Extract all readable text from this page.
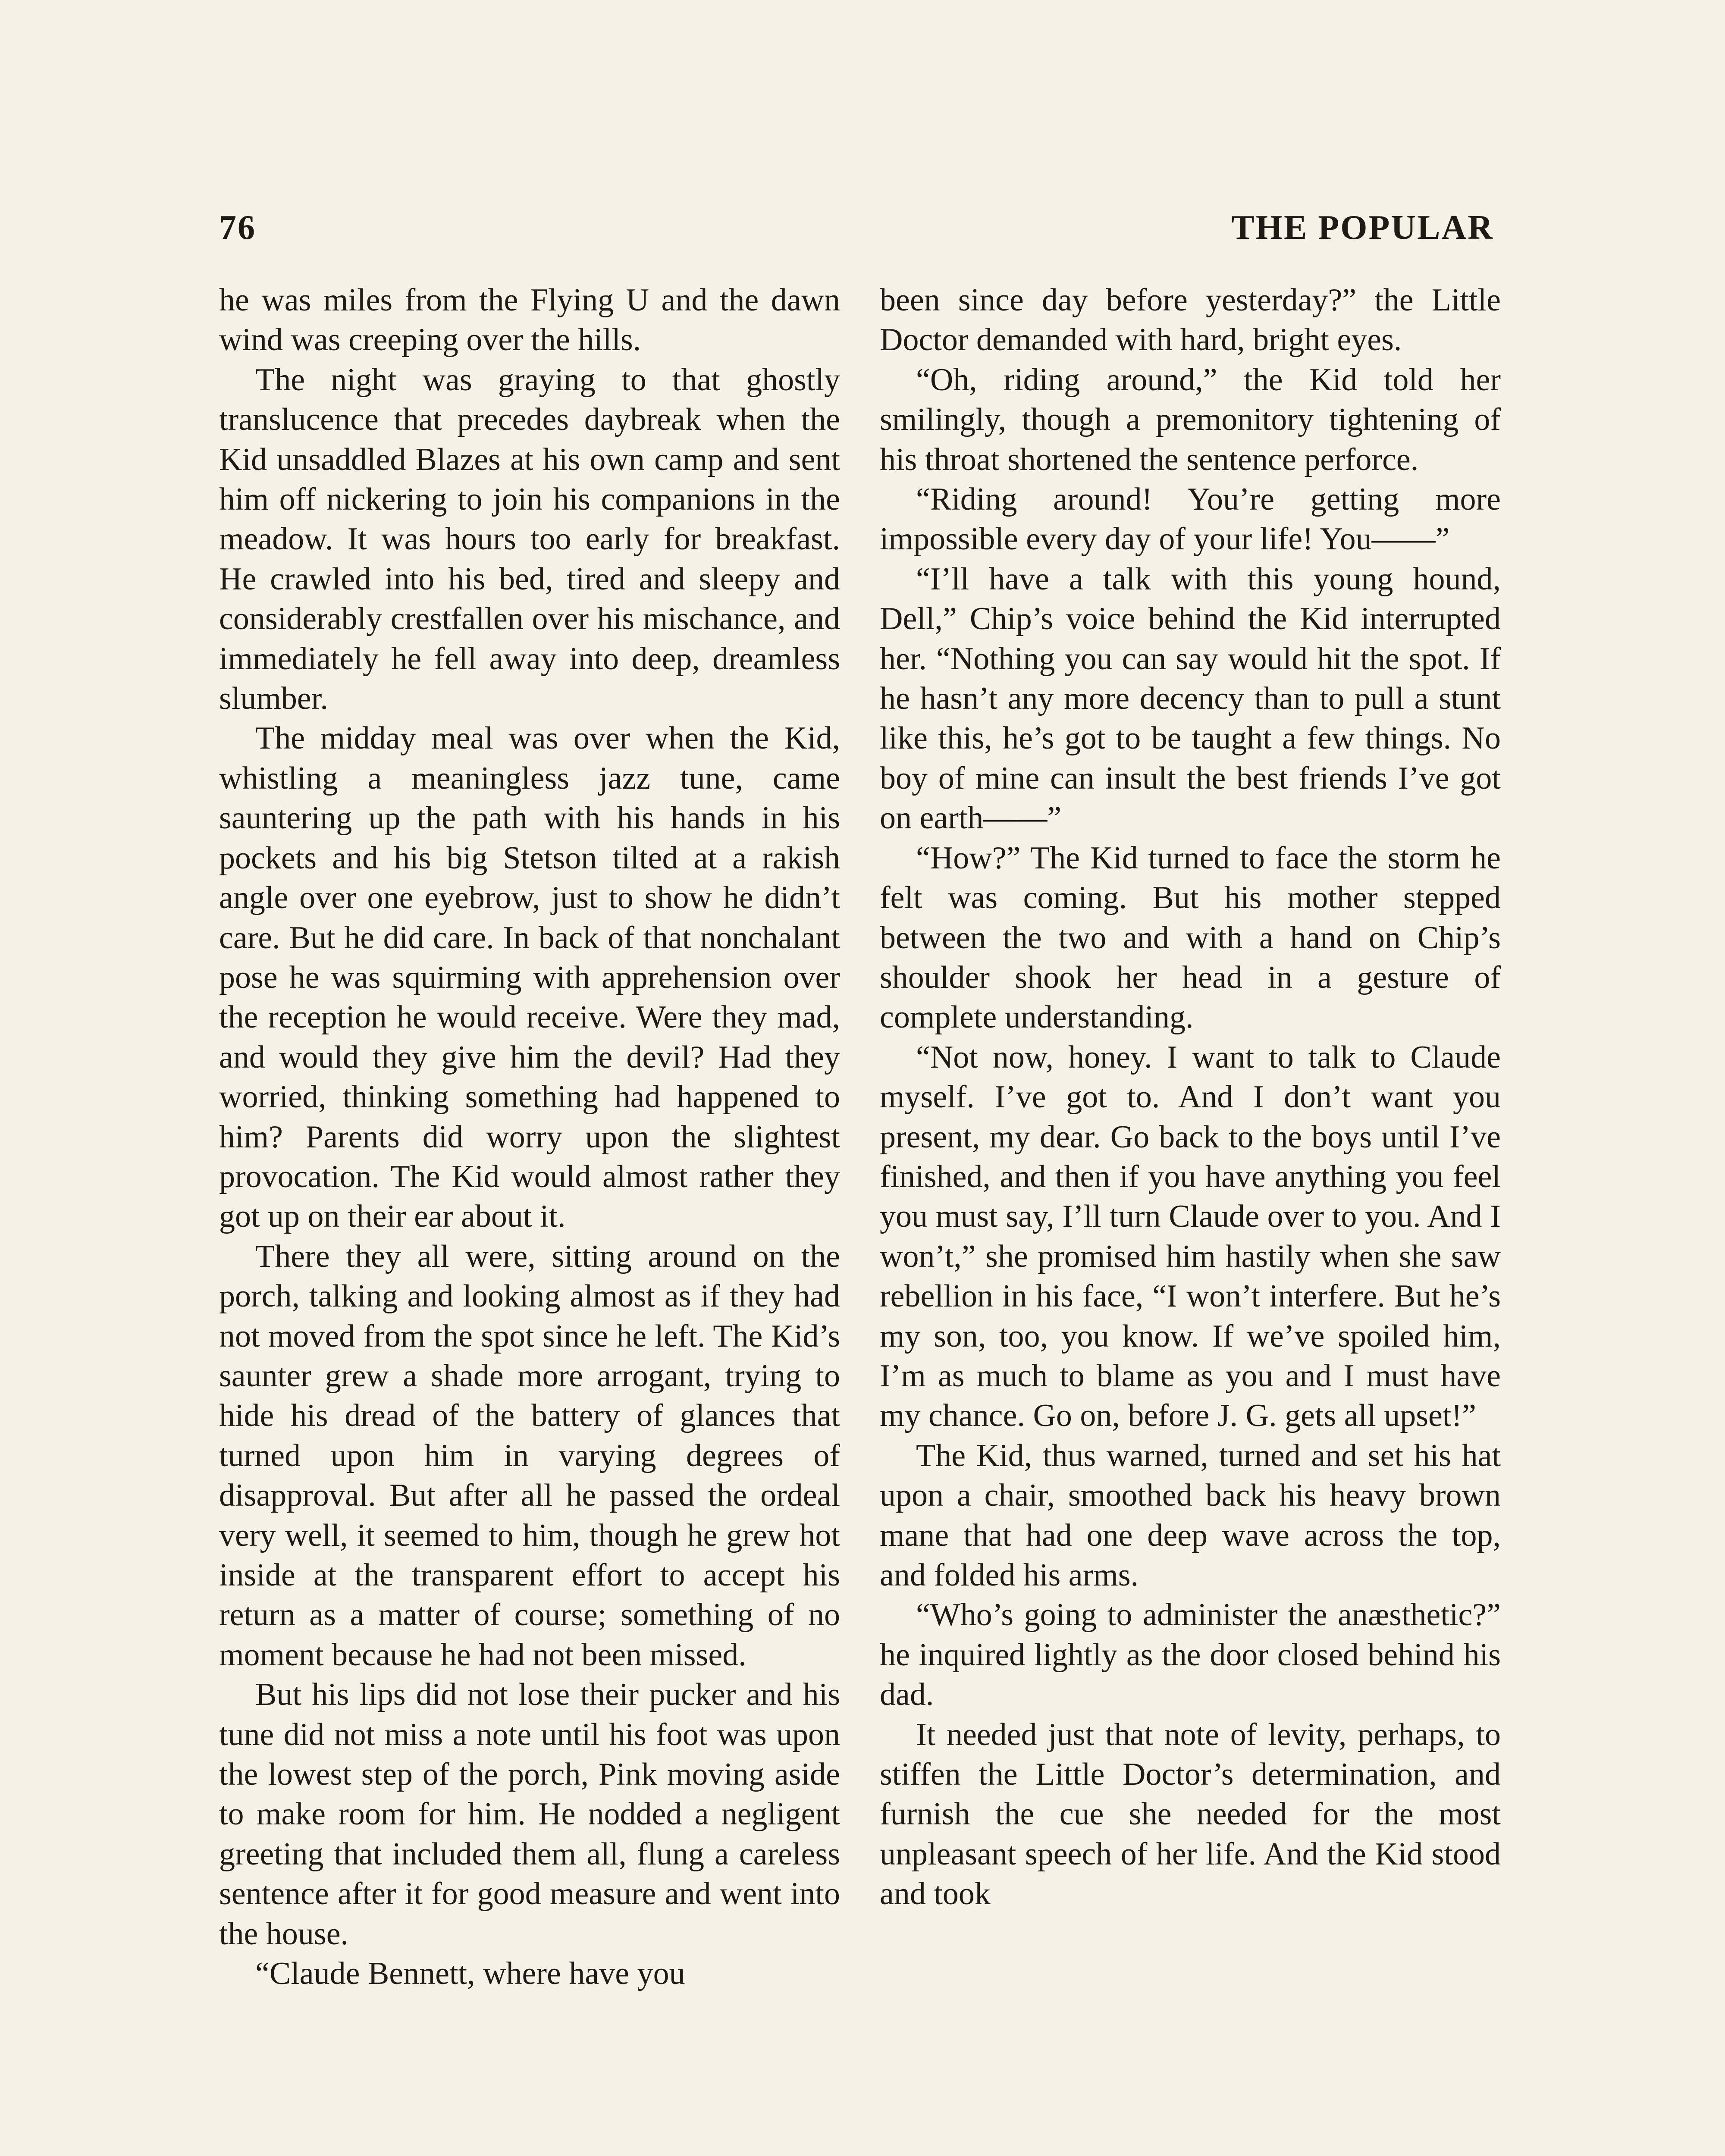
76	THE POPULAR

he was miles from the Flying U and the dawn wind was creeping over the hills.

The night was graying to that ghostly translucence that precedes daybreak when the Kid unsaddled Blazes at his own camp and sent him off nickering to join his companions in the meadow. It was hours too early for breakfast. He crawled into his bed, tired and sleepy and considerably crestfallen over his mischance, and immediately he fell away into deep, dreamless slumber.

The midday meal was over when the Kid, whistling a meaningless jazz tune, came sauntering up the path with his hands in his pockets and his big Stetson tilted at a rakish angle over one eyebrow, just to show he didn’t care. But he did care. In back of that nonchalant pose he was squirming with apprehension over the reception he would receive. Were they mad, and would they give him the devil? Had they worried, thinking something had happened to him? Parents did worry upon the slightest provocation. The Kid would almost rather they got up on their ear about it.

There they all were, sitting around on the porch, talking and looking almost as if they had not moved from the spot since he left. The Kid’s saunter grew a shade more arrogant, trying to hide his dread of the battery of glances that turned upon him in varying degrees of disapproval. But after all he passed the ordeal very well, it seemed to him, though he grew hot inside at the transparent effort to accept his return as a matter of course; something of no moment because he had not been missed.

But his lips did not lose their pucker and his tune did not miss a note until his foot was upon the lowest step of the porch, Pink moving aside to make room for him. He nodded a negligent greeting that included them all, flung a careless sentence after it for good measure and went into the house.

“Claude Bennett, where have you

been since day before yesterday?” the Little Doctor demanded with hard, bright eyes.

“Oh, riding around,” the Kid told her smilingly, though a premonitory tightening of his throat shortened the sentence perforce.

“Riding around! You’re getting more impossible every day of your life! You——”

“I’ll have a talk with this young hound, Dell,” Chip’s voice behind the Kid interrupted her. “Nothing you can say would hit the spot. If he hasn’t any more decency than to pull a stunt like this, he’s got to be taught a few things. No boy of mine can insult the best friends I’ve got on earth——”

“How?” The Kid turned to face the storm he felt was coming. But his mother stepped between the two and with a hand on Chip’s shoulder shook her head in a gesture of complete understanding.

“Not now, honey. I want to talk to Claude myself. I’ve got to. And I don’t want you present, my dear. Go back to the boys until I’ve finished, and then if you have anything you feel you must say, I’ll turn Claude over to you. And I won’t,” she promised him hastily when she saw rebellion in his face, “I won’t interfere. But he’s my son, too, you know. If we’ve spoiled him, I’m as much to blame as you and I must have my chance. Go on, before J. G. gets all upset!”

The Kid, thus warned, turned and set his hat upon a chair, smoothed back his heavy brown mane that had one deep wave across the top, and folded his arms.

“Who’s going to administer the anæsthetic?” he inquired lightly as the door closed behind his dad.

It needed just that note of levity, perhaps, to stiffen the Little Doctor’s determination, and furnish the cue she needed for the most unpleasant speech of her life. And the Kid stood and took
